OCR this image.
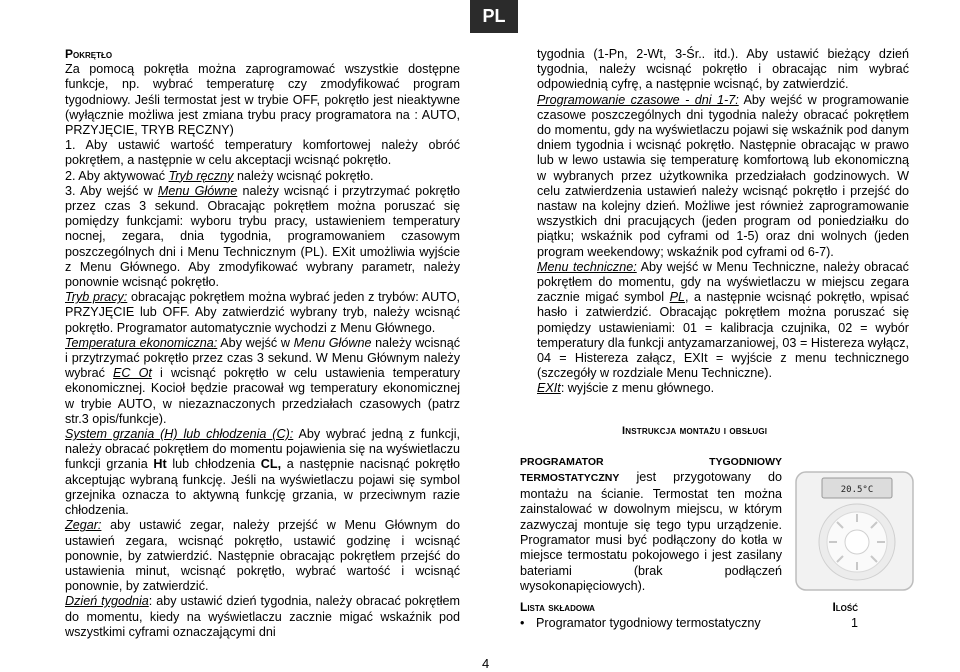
PL

Pokrętło

Za pomocą pokrętła można zaprogramować wszystkie dostępne funkcje, np. wybrać temperaturę czy zmodyfikować program tygodniowy. Jeśli termostat jest w trybie OFF, pokrętło jest nieaktywne (wyłącznie możliwa jest zmiana trybu pracy programatora na : AUTO, PRZYJĘCIE, TRYB RĘCZNY)

1. Aby ustawić wartość temperatury komfortowej należy obróć pokrętłem, a następnie w celu akceptacji wcisnąć pokrętło.

2. Aby aktywować Tryb ręczny należy wcisnąć pokrętło.

3. Aby wejść w Menu Główne należy wcisnąć i przytrzymać pokrętło przez czas 3 sekund. Obracając pokrętłem można poruszać się pomiędzy funkcjami: wyboru trybu pracy, ustawieniem temperatury nocnej, zegara, dnia tygodnia, programowaniem czasowym poszczególnych dni i Menu Technicznym (PL). EXit umożliwia wyjście z Menu Głównego. Aby zmodyfikować wybrany parametr, należy ponownie wcisnąć pokrętło.

Tryb pracy: obracając pokrętłem można wybrać jeden z trybów: AUTO, PRZYJĘCIE lub OFF. Aby zatwierdzić wybrany tryb, należy wcisnąć pokrętło. Programator automatycznie wychodzi z Menu Głównego.

Temperatura ekonomiczna: Aby wejść w Menu Główne należy wcisnąć i przytrzymać pokrętło przez czas 3 sekund. W Menu Głównym należy wybrać EC Ot i wcisnąć pokrętło w celu ustawienia temperatury ekonomicznej. Kocioł będzie pracował wg temperatury ekonomicznej w trybie AUTO, w niezaznaczonych przedziałach czasowych (patrz str.3 opis/funkcje).

System grzania (H) lub chłodzenia (C): Aby wybrać jedną z funkcji, należy obracać pokrętłem do momentu pojawienia się na wyświetlaczu funkcji grzania Ht lub chłodzenia CL, a następnie nacisnąć pokrętło akceptując wybraną funkcję. Jeśli na wyświetlaczu pojawi się symbol grzejnika oznacza to aktywną funkcję grzania, w przeciwnym razie chłodzenia.

Zegar: aby ustawić zegar, należy przejść w Menu Głównym do ustawień zegara, wcisnąć pokrętło, ustawić godzinę i wcisnąć ponownie, by zatwierdzić. Następnie obracając pokrętłem przejść do ustawienia minut, wcisnąć pokrętło, wybrać wartość i wcisnąć ponownie, by zatwierdzić.

Dzień tygodnia: aby ustawić dzień tygodnia, należy obracać pokrętłem do momentu, kiedy na wyświetlaczu zacznie migać wskaźnik pod wszystkimi cyframi oznaczającymi dni

tygodnia (1-Pn, 2-Wt, 3-Śr.. itd.). Aby ustawić bieżący dzień tygodnia, należy wcisnąć pokrętło i obracając nim wybrać odpowiednią cyfrę, a następnie wcisnąć, by zatwierdzić.

Programowanie czasowe - dni 1-7: Aby wejść w programowanie czasowe poszczególnych dni tygodnia należy obracać pokrętłem do momentu, gdy na wyświetlaczu pojawi się wskaźnik pod danym dniem tygodnia i wcisnąć pokrętło. Następnie obracając w prawo lub w lewo ustawia się temperaturę komfortową lub ekonomiczną w wybranych przez użytkownika przedziałach godzinowych. W celu zatwierdzenia ustawień należy wcisnąć pokrętło i przejść do nastaw na kolejny dzień. Możliwe jest również zaprogramowanie wszystkich dni pracujących (jeden program od poniedziałku do piątku; wskaźnik pod cyframi od 1-5) oraz dni wolnych (jeden program weekendowy; wskaźnik pod cyframi od 6-7).

Menu techniczne: Aby wejść w Menu Techniczne, należy obracać pokrętłem do momentu, gdy na wyświetlaczu w miejscu zegara zacznie migać symbol PL, a następnie wcisnąć pokrętło, wpisać hasło i zatwierdzić. Obracając pokrętłem można poruszać się pomiędzy ustawieniami: 01 = kalibracja czujnika, 02 = wybór temperatury dla funkcji antyzamarzaniowej, 03 = Histereza wyłącz, 04 = Histereza załącz, EXIt = wyjście z menu technicznego (szczegóły w rozdziale Menu Techniczne).

EXIt: wyjście z menu głównego.

Instrukcja montażu i obsługi
PROGRAMATOR	TYGODNIOWY

TERMOSTATYCZNY jest przygotowany do montażu na ścianie. Termostat ten można zainstalować w dowolnym miejscu, w którym zazwyczaj montuje się tego typu urządzenie. Programator musi być podłączony do kotła w miejsce termostatu pokojowego i jest zasilany bateriami (brak podłączeń wysokonapięciowych).

20.5°C
Lista składowa	Ilość
• Programator tygodniowy termostatyczny	1
4
